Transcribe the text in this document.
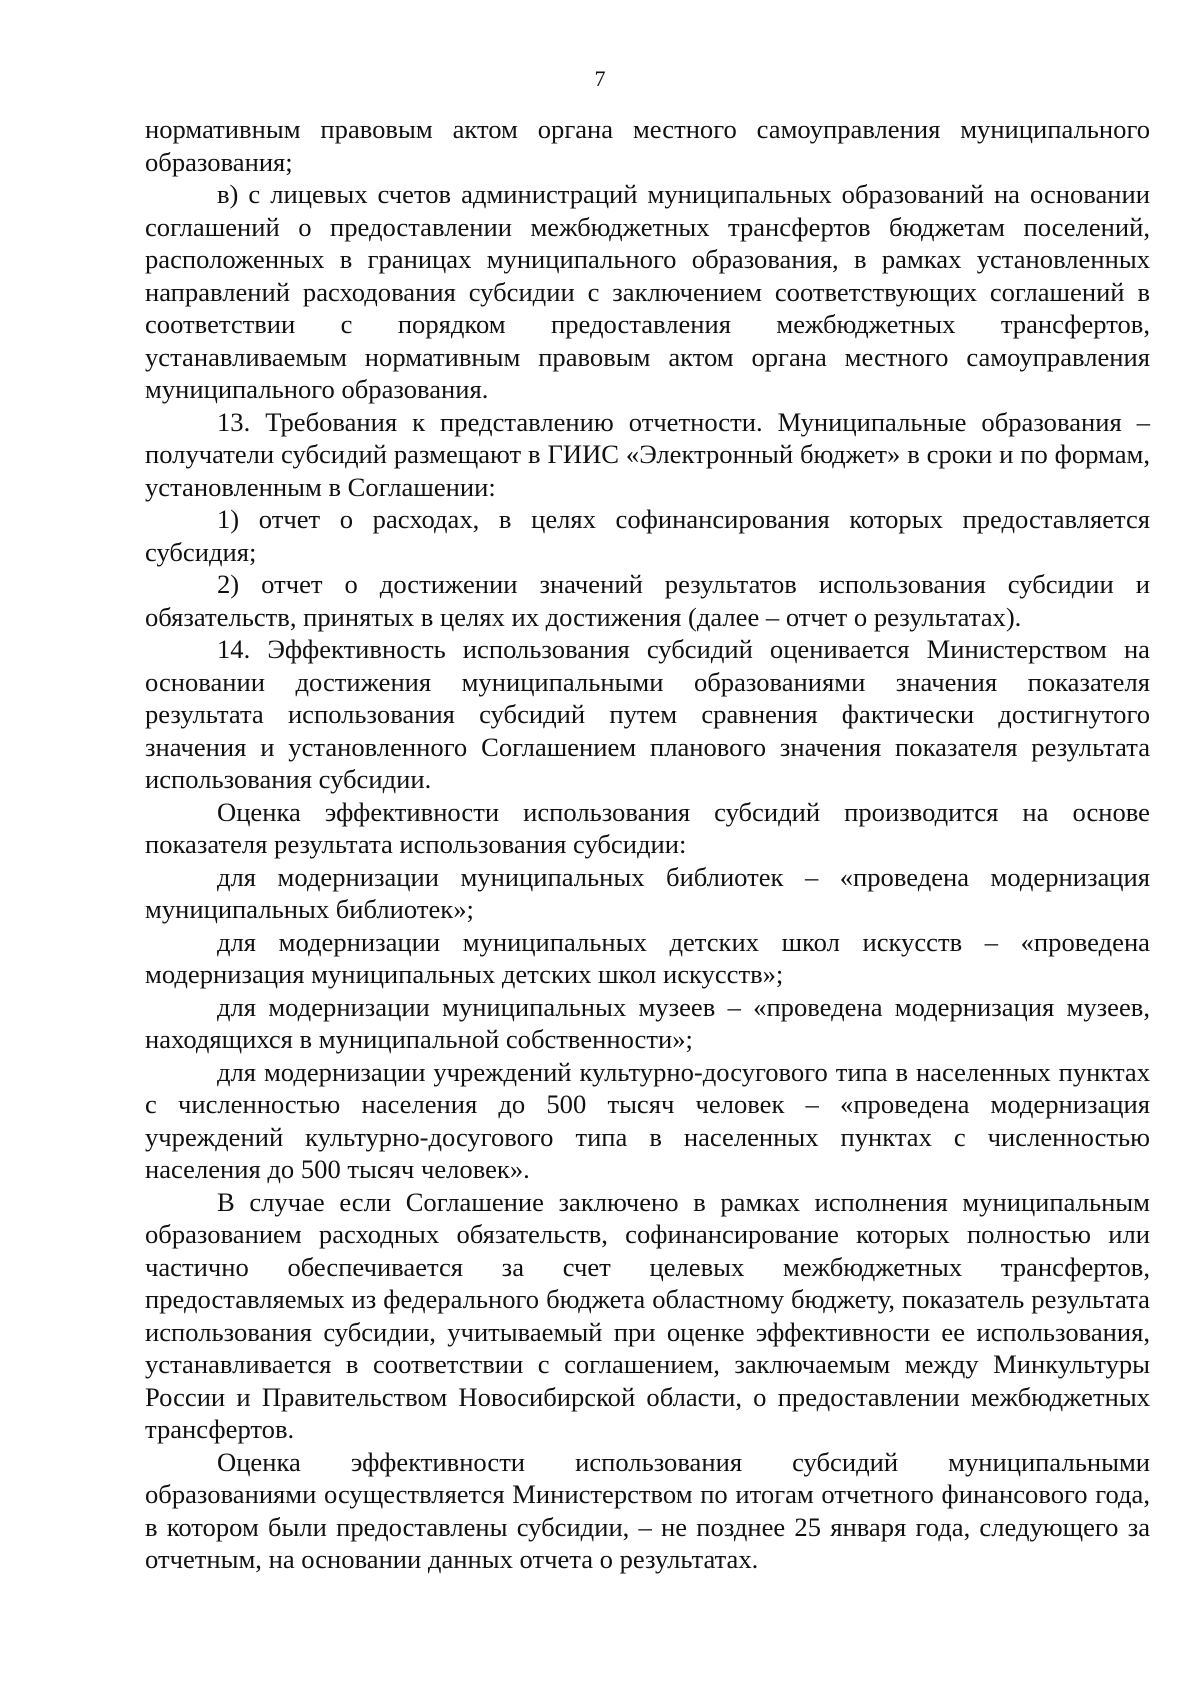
7

нормативным правовым актом органа местного самоуправления муниципального образования;

в) с лицевых счетов администраций муниципальных образований на основании соглашений о предоставлении межбюджетных трансфертов бюджетам поселений, расположенных в границах муниципального образования, в рамках установленных направлений расходования субсидии с заключением соответствующих соглашений в соответствии с порядком предоставления межбюджетных трансфертов, устанавливаемым нормативным правовым актом органа местного самоуправления муниципального образования.

13. Требования к представлению отчетности. Муниципальные образования – получатели субсидий размещают в ГИИС «Электронный бюджет» в сроки и по формам, установленным в Соглашении:

1) отчет о расходах, в целях софинансирования которых предоставляется субсидия;

2) отчет о достижении значений результатов использования субсидии и обязательств, принятых в целях их достижения (далее – отчет о результатах).

14. Эффективность использования субсидий оценивается Министерством на основании достижения муниципальными образованиями значения показателя результата использования субсидий путем сравнения фактически достигнутого значения и установленного Соглашением планового значения показателя результата использования субсидии.

Оценка эффективности использования субсидий производится на основе показателя результата использования субсидии:

для модернизации муниципальных библиотек – «проведена модернизация муниципальных библиотек»;

для модернизации муниципальных детских школ искусств – «проведена модернизация муниципальных детских школ искусств»;

для модернизации муниципальных музеев – «проведена модернизация музеев, находящихся в муниципальной собственности»;

для модернизации учреждений культурно-досугового типа в населенных пунктах с численностью населения до 500 тысяч человек – «проведена модернизация учреждений культурно-досугового типа в населенных пунктах с численностью населения до 500 тысяч человек».

В случае если Соглашение заключено в рамках исполнения муниципальным образованием расходных обязательств, софинансирование которых полностью или частично обеспечивается за счет целевых межбюджетных трансфертов, предоставляемых из федерального бюджета областному бюджету, показатель результата использования субсидии, учитываемый при оценке эффективности ее использования, устанавливается в соответствии с соглашением, заключаемым между Минкультуры России и Правительством Новосибирской области, о предоставлении межбюджетных трансфертов.

Оценка эффективности использования субсидий муниципальными образованиями осуществляется Министерством по итогам отчетного финансового года, в котором были предоставлены субсидии, – не позднее 25 января года, следующего за отчетным, на основании данных отчета о результатах.
